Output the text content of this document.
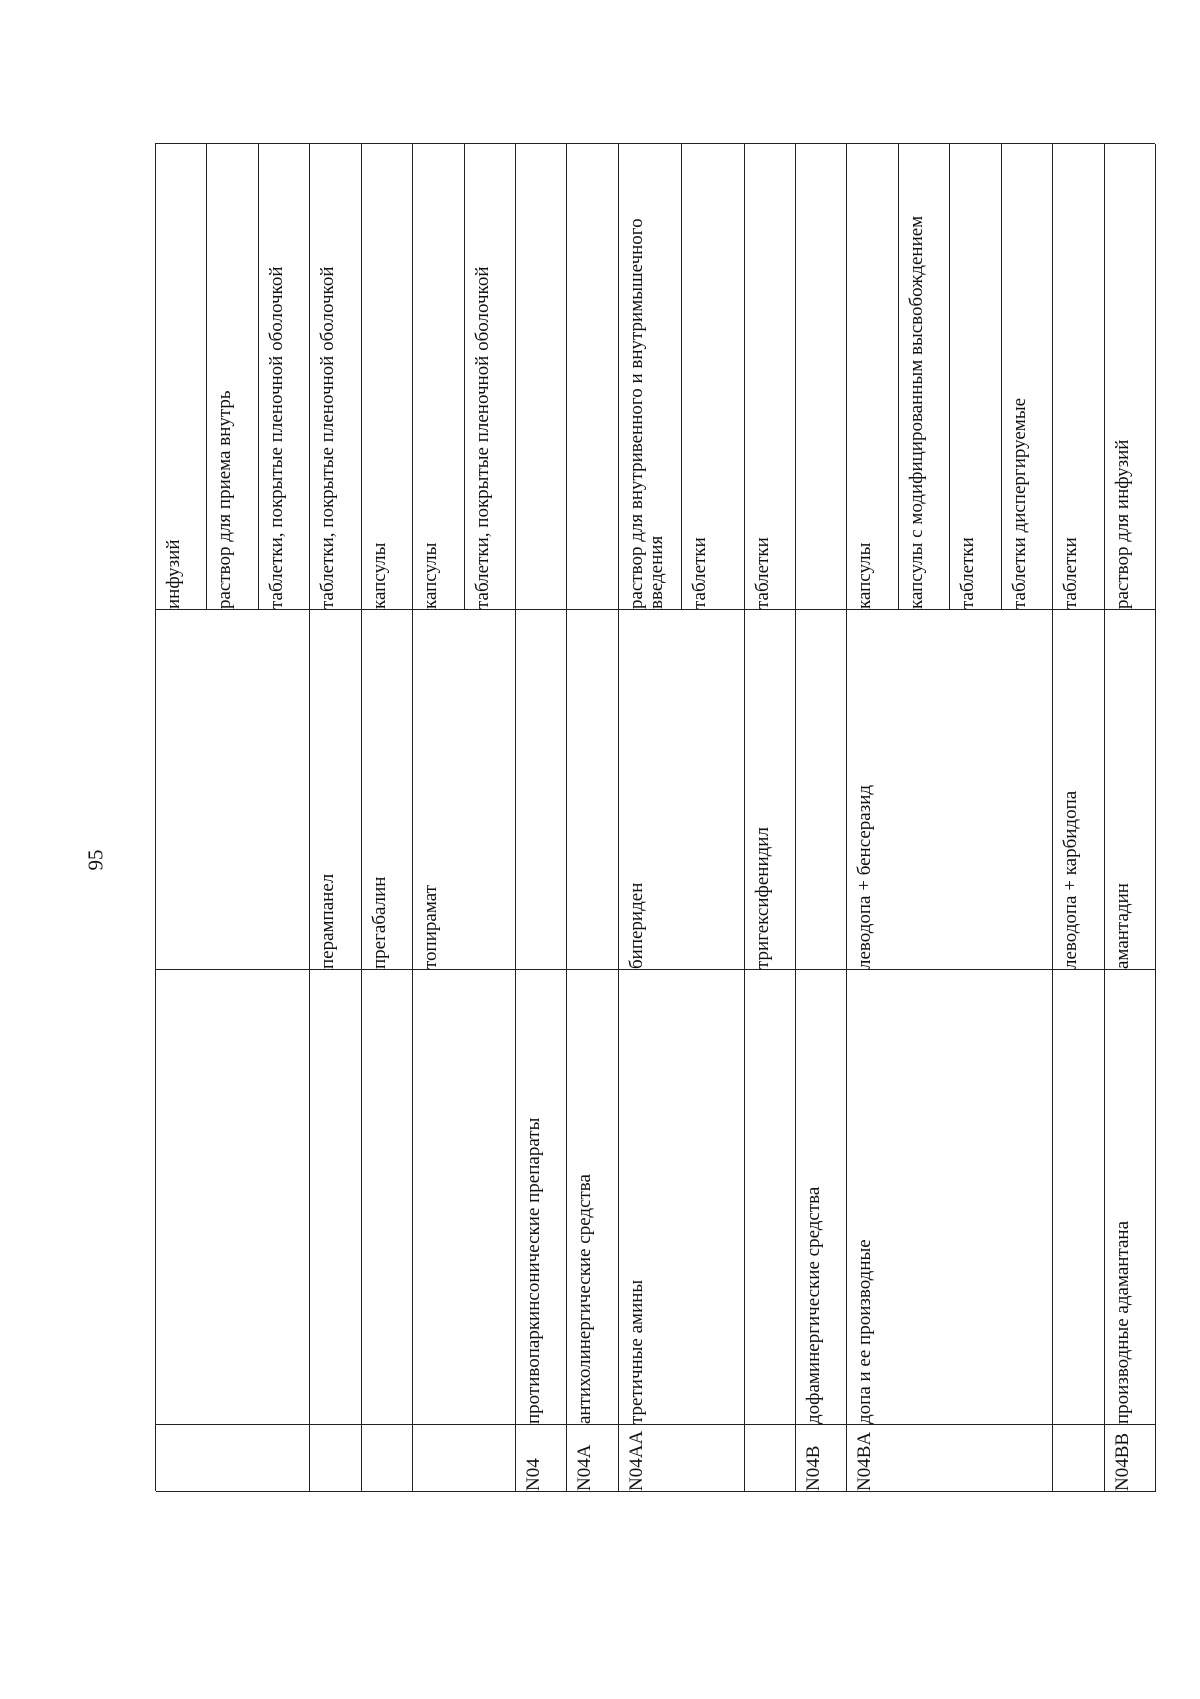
95
инфузий раствор для приема внутрь таблетки, покрытые пленочной оболочкой
перампанел
таблетки, покрытые пленочной оболочкой
прегабалин
капсулы
топирамат
капсулы таблетки, покрытые пленочной оболочкой
N04
противопаркинсонические препараты
N04A
антихолинергические средства
N04AA
третичные амины
бипериден
раствор для внутривенного и внутримышечного введения таблетки
тригексифенидил
таблетки
N04B
дофаминергические средства
N04BA
допа и ее производные
леводопа + бенсеразид
капсулы капсулы с модифицированным высвобождением таблетки таблетки диспергируемые
леводопа + карбидопа
таблетки
N04BB
производные адамантана
амантадин
раствор для инфузий
